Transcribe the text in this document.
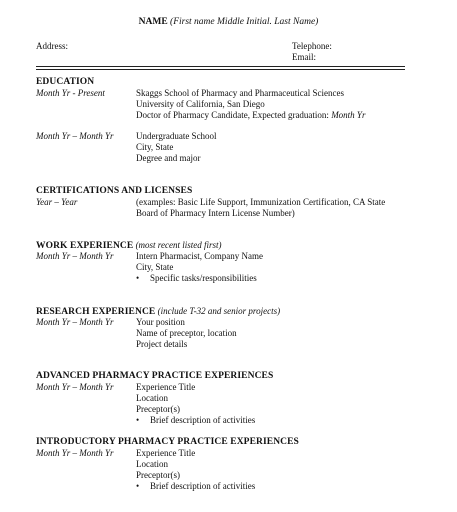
NAME (First name Middle Initial. Last Name)
Address:	Telephone:
Email:
EDUCATION
Month Yr - Present	Skaggs School of Pharmacy and Pharmaceutical Sciences
University of California, San Diego
Doctor of Pharmacy Candidate, Expected graduation: Month Yr
Month Yr – Month Yr Undergraduate School
City, State
Degree and major
CERTIFICATIONS AND LICENSES
Year – Year	(examples: Basic Life Support, Immunization Certification, CA State
Board of Pharmacy Intern License Number)
WORK EXPERIENCE (most recent listed first)
Month Yr – Month Yr Intern Pharmacist, Company Name
City, State
• Specific tasks/responsibilities
RESEARCH EXPERIENCE (include T-32 and senior projects)
Month Yr – Month Yr Your position
Name of preceptor, location
Project details
ADVANCED PHARMACY PRACTICE EXPERIENCES
Month Yr – Month Yr Experience Title
Location
Preceptor(s)
• Brief description of activities
INTRODUCTORY PHARMACY PRACTICE EXPERIENCES
Month Yr – Month Yr Experience Title
Location
Preceptor(s)
• Brief description of activities
